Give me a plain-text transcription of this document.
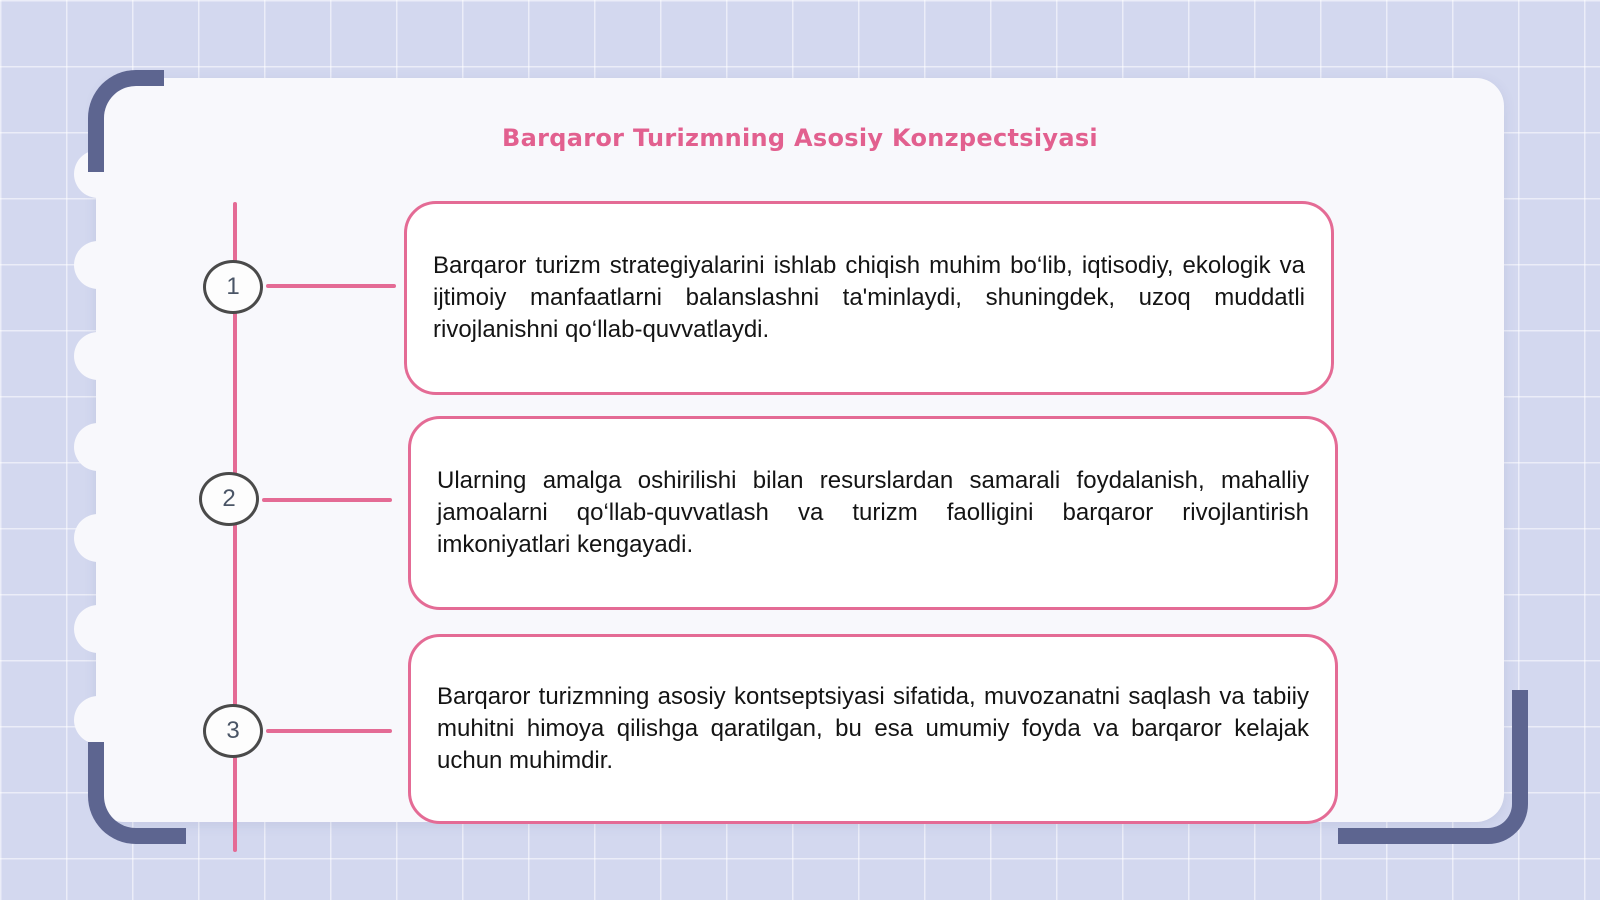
Barqaror Turizmning Asosiy Konzpectsiyasi
1

Barqaror turizm strategiyalarini ishlab chiqish muhim bo‘lib, iqtisodiy, ekologik va ijtimoiy manfaatlarni balanslashni ta'minlaydi, shuningdek, uzoq muddatli rivojlanishni qo‘llab-quvvatlaydi.

2

Ularning amalga oshirilishi bilan resurslardan samarali foydalanish, mahalliy jamoalarni qo‘llab-quvvatlash va turizm faolligini barqaror rivojlantirish imkoniyatlari kengayadi.

3

Barqaror turizmning asosiy kontseptsiyasi sifatida, muvozanatni saqlash va tabiiy muhitni himoya qilishga qaratilgan, bu esa umumiy foyda va barqaror kelajak uchun muhimdir.
